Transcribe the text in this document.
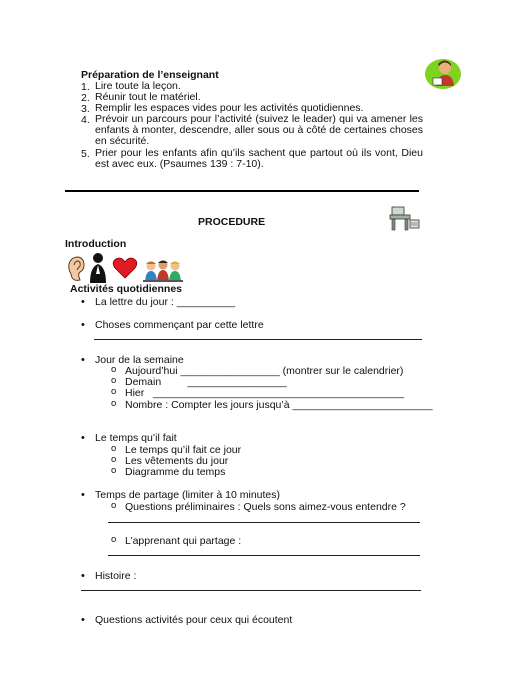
Préparation de l’enseignant
1. Lire toute la leçon.
2. Réunir tout le matériel.
3. Remplir les espaces vides pour les activités quotidiennes.
4. Prévoir un parcours pour l’activité (suivez le leader) qui va amener les enfants à monter, descendre, aller sous ou à côté de certaines choses en sécurité.
5. Prier pour les enfants afin qu’ils sachent que partout où ils vont, Dieu est avec eux. (Psaumes 139 : 7-10).
PROCEDURE
Introduction
Activités quotidiennes
• La lettre du jour : __________
• Choses commençant par cette lettre
• Jour de la semaine
o Aujourd’hui _________________ (montrer sur le calendrier)
o Demain         _________________
o Hier   ___________________________________________
o Nombre : Compter les jours jusqu’à ________________________
• Le temps qu’il fait
o Le temps qu’il fait ce jour
o Les vêtements du jour
o Diagramme du temps
• Temps de partage (limiter à 10 minutes)
o Questions préliminaires : Quels sons aimez-vous entendre ?
o L’apprenant qui partage :
• Histoire :
• Questions activités pour ceux qui écoutent
